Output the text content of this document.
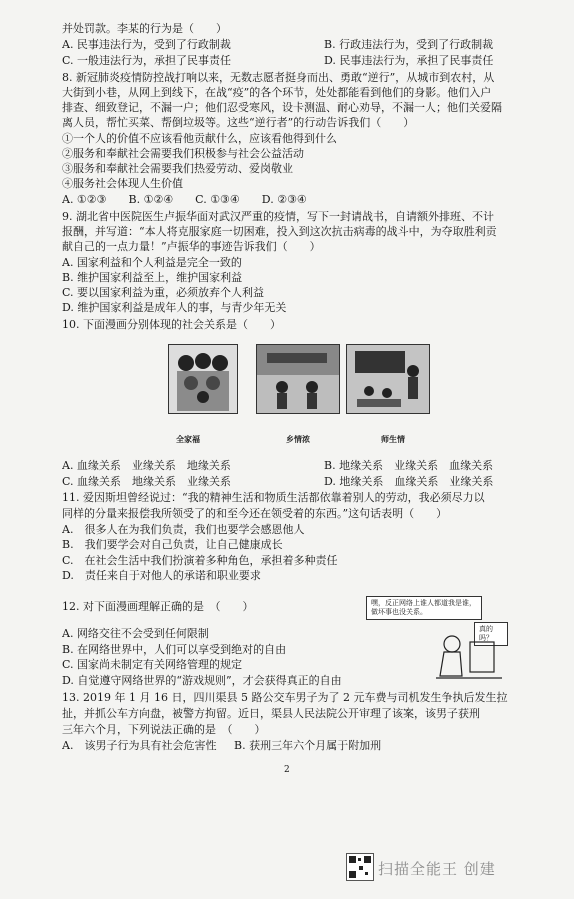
并处罚款。李某的行为是（　　）
A. 民事违法行为，受到了行政制裁	B. 行政违法行为，受到了行政制裁
C. 一般违法行为，承担了民事责任	D. 民事违法行为，承担了民事责任
8. 新冠肺炎疫情防控战打响以来，无数志愿者挺身而出、勇敢“逆行”，从城市到农村，从
大街到小巷，从网上到线下，在战“疫”的各个环节，处处都能看到他们的身影。他们入户
排查、细致登记，不漏一户；他们忍受寒风，设卡测温、耐心劝导，不漏一人；他们关爱隔
离人员，帮忙买菜、帮倒垃圾等。这些“逆行者”的行动告诉我们（　　）
①一个人的价值不应该看他贡献什么，应该看他得到什么
②服务和奉献社会需要我们积极参与社会公益活动
③服务和奉献社会需要我们热爱劳动、爱岗敬业
④服务社会体现人生价值
A. ①②③　　B. ①②④　　C. ①③④　　D. ②③④
9. 湖北省中医院医生卢振华面对武汉严重的疫情，写下一封请战书，自请额外排班、不计
报酬，并写道：“本人将克服家庭一切困难，投入到这次抗击病毒的战斗中，为夺取胜利贡
献自己的一点力量！”卢振华的事迹告诉我们（　　）
A. 国家利益和个人利益是完全一致的
B. 维护国家利益至上，维护国家利益
C. 要以国家利益为重，必须放弃个人利益
D. 维护国家利益是成年人的事，与青少年无关
10. 下面漫画分别体现的社会关系是（　　）
全家福	乡情浓	师生情
A. 血缘关系　业缘关系　地缘关系	B. 地缘关系　业缘关系　血缘关系
C. 血缘关系　地缘关系　业缘关系	D. 地缘关系　血缘关系　业缘关系
11. 爱因斯坦曾经说过：“我的精神生活和物质生活都依靠着别人的劳动，我必须尽力以
同样的分量来报偿我所领受了的和至今还在领受着的东西。”这句话表明（　　）
A.　很多人在为我们负责，我们也要学会感恩他人
B.　我们要学会对自己负责，让自己健康成长
C.　在社会生活中我们扮演着多种角色，承担着多种责任
D.　责任来自于对他人的承诺和职业要求
12. 对下面漫画理解正确的是　（　　）	嘿，反正网络上谁人都道我是谁，做坏事也没关系。
真的吗？
A. 网络交往不会受到任何限制
B. 在网络世界中，人们可以享受到绝对的自由
C. 国家尚未制定有关网络管理的规定
D. 自觉遵守网络世界的“游戏规则”，才会获得真正的自由
13. 2019 年 1 月 16 日，四川渠县 5 路公交车男子为了 2 元车费与司机发生争执后发生拉
扯，并抓公车方向盘，被警方拘留。近日，渠县人民法院公开审理了该案，该男子获刑
三年六个月，下列说法正确的是　（　　）
A.　该男子行为具有社会危害性 B. 获刑三年六个月属于附加刑
2
扫描全能王 创建
